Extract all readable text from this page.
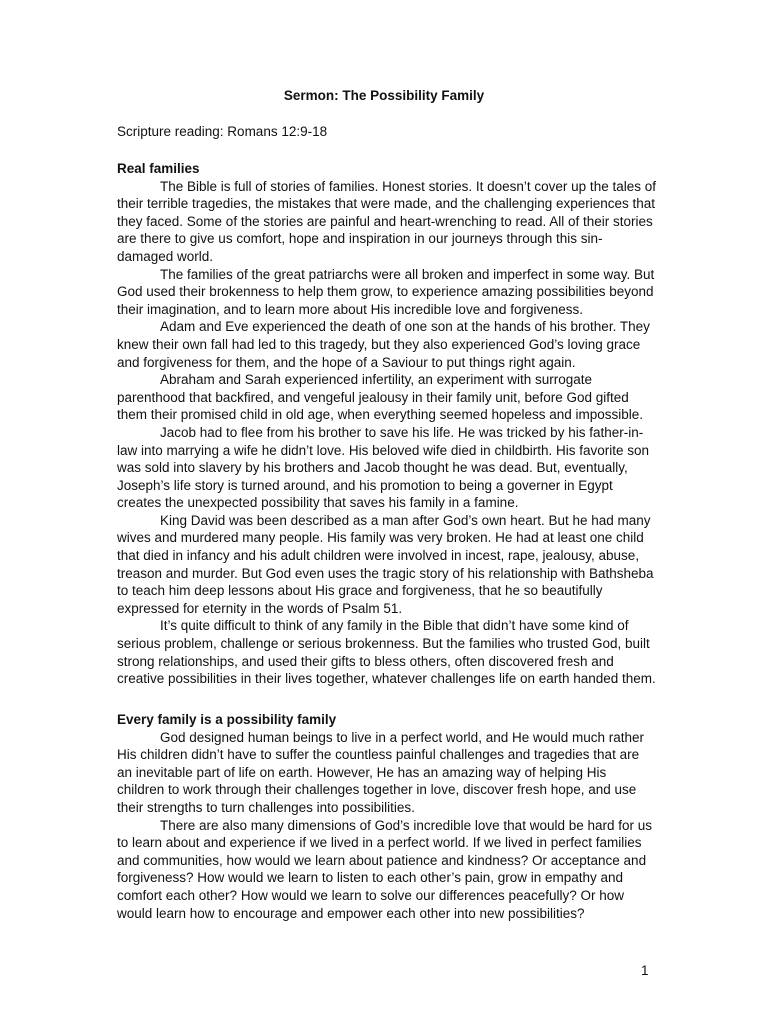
Sermon: The Possibility Family
Scripture reading: Romans 12:9-18
Real families

The Bible is full of stories of families. Honest stories. It doesn’t cover up the tales of their terrible tragedies, the mistakes that were made, and the challenging experiences that they faced. Some of the stories are painful and heart-wrenching to read. All of their stories are there to give us comfort, hope and inspiration in our journeys through this sin-damaged world.

The families of the great patriarchs were all broken and imperfect in some way. But God used their brokenness to help them grow, to experience amazing possibilities beyond their imagination, and to learn more about His incredible love and forgiveness.

Adam and Eve experienced the death of one son at the hands of his brother. They knew their own fall had led to this tragedy, but they also experienced God’s loving grace and forgiveness for them, and the hope of a Saviour to put things right again.

Abraham and Sarah experienced infertility, an experiment with surrogate parenthood that backfired, and vengeful jealousy in their family unit, before God gifted them their promised child in old age, when everything seemed hopeless and impossible.

Jacob had to flee from his brother to save his life. He was tricked by his father-in-law into marrying a wife he didn’t love. His beloved wife died in childbirth. His favorite son was sold into slavery by his brothers and Jacob thought he was dead. But, eventually, Joseph’s life story is turned around, and his promotion to being a governer in Egypt creates the unexpected possibility that saves his family in a famine.

King David was been described as a man after God’s own heart. But he had many wives and murdered many people. His family was very broken. He had at least one child that died in infancy and his adult children were involved in incest, rape, jealousy, abuse, treason and murder. But God even uses the tragic story of his relationship with Bathsheba to teach him deep lessons about His grace and forgiveness, that he so beautifully expressed for eternity in the words of Psalm 51.

It’s quite difficult to think of any family in the Bible that didn’t have some kind of serious problem, challenge or serious brokenness. But the families who trusted God, built strong relationships, and used their gifts to bless others, often discovered fresh and creative possibilities in their lives together, whatever challenges life on earth handed them.

Every family is a possibility family

God designed human beings to live in a perfect world, and He would much rather His children didn’t have to suffer the countless painful challenges and tragedies that are an inevitable part of life on earth. However, He has an amazing way of helping His children to work through their challenges together in love, discover fresh hope, and use their strengths to turn challenges into possibilities.

There are also many dimensions of God’s incredible love that would be hard for us to learn about and experience if we lived in a perfect world. If we lived in perfect families and communities, how would we learn about patience and kindness? Or acceptance and forgiveness? How would we learn to listen to each other’s pain, grow in empathy and comfort each other? How would we learn to solve our differences peacefully? Or how would learn how to encourage and empower each other into new possibilities?

1
